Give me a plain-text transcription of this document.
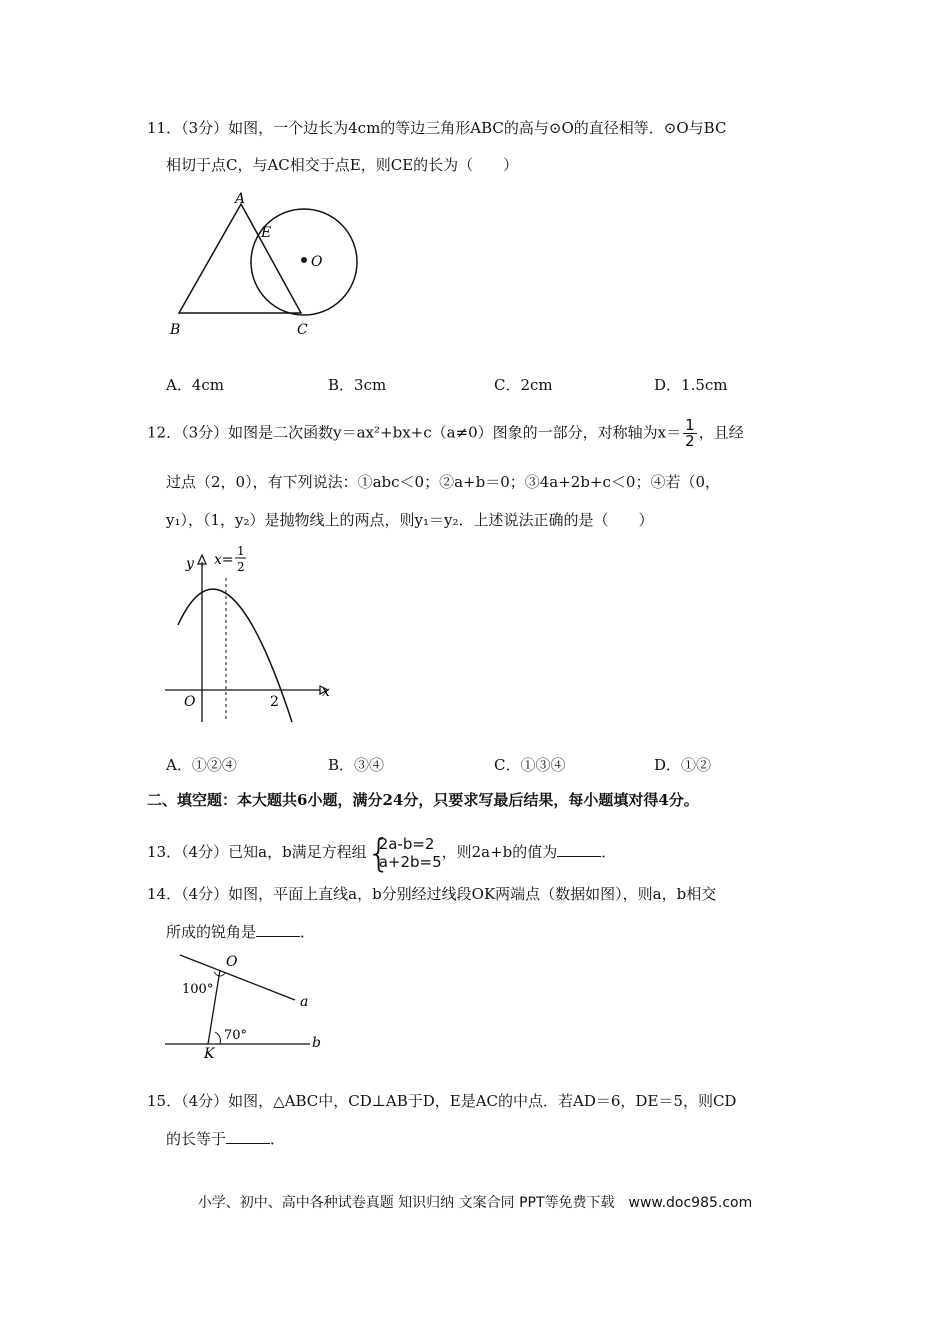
11．（3分）如图，一个边长为4cm的等边三角形ABC的高与⊙O的直径相等．⊙O与BC
相切于点C，与AC相交于点E，则CE的长为（　　）
A
E
O
B	C
A．4cm	B．3cm	C．2cm	D．1.5cm
12．（3分）如图是二次函数y＝ax²+bx+c（a≠0）图象的一部分，对称轴为$x= \frac{1}{2}$ ，且经
过点（2，0），有下列说法：①abc＜0；②a+b＝0；③4a+2b+c＜0；④若（0，
y₁），（1，y₂）是抛物线上的两点，则y₁＝y₂．上述说法正确的是（　　）
y x=
1
2
O	2
x
A．①②④	B．③④	C．①③④	D．①②
二、填空题：本大题共6小题，满分24分，只要求写最后结果，每小题填对得4分。
13．（4分）已知a，b满足方程组 {
2a-b=2
a+2b=5
，则2a+b的值为	．
14．（4分）如图，平面上直线a，b分别经过线段OK两端点（数据如图），则a，b相交
所成的锐角是	．
O
100°
a
70°	b
K
15．（4分）如图，△ABC中，CD⊥AB于D，E是AC的中点．若AD＝6，DE＝5，则CD
的长等于	．
小学、初中、高中各种试卷真题 知识归纳 文案合同 PPT等免费下载　www.doc985.com
